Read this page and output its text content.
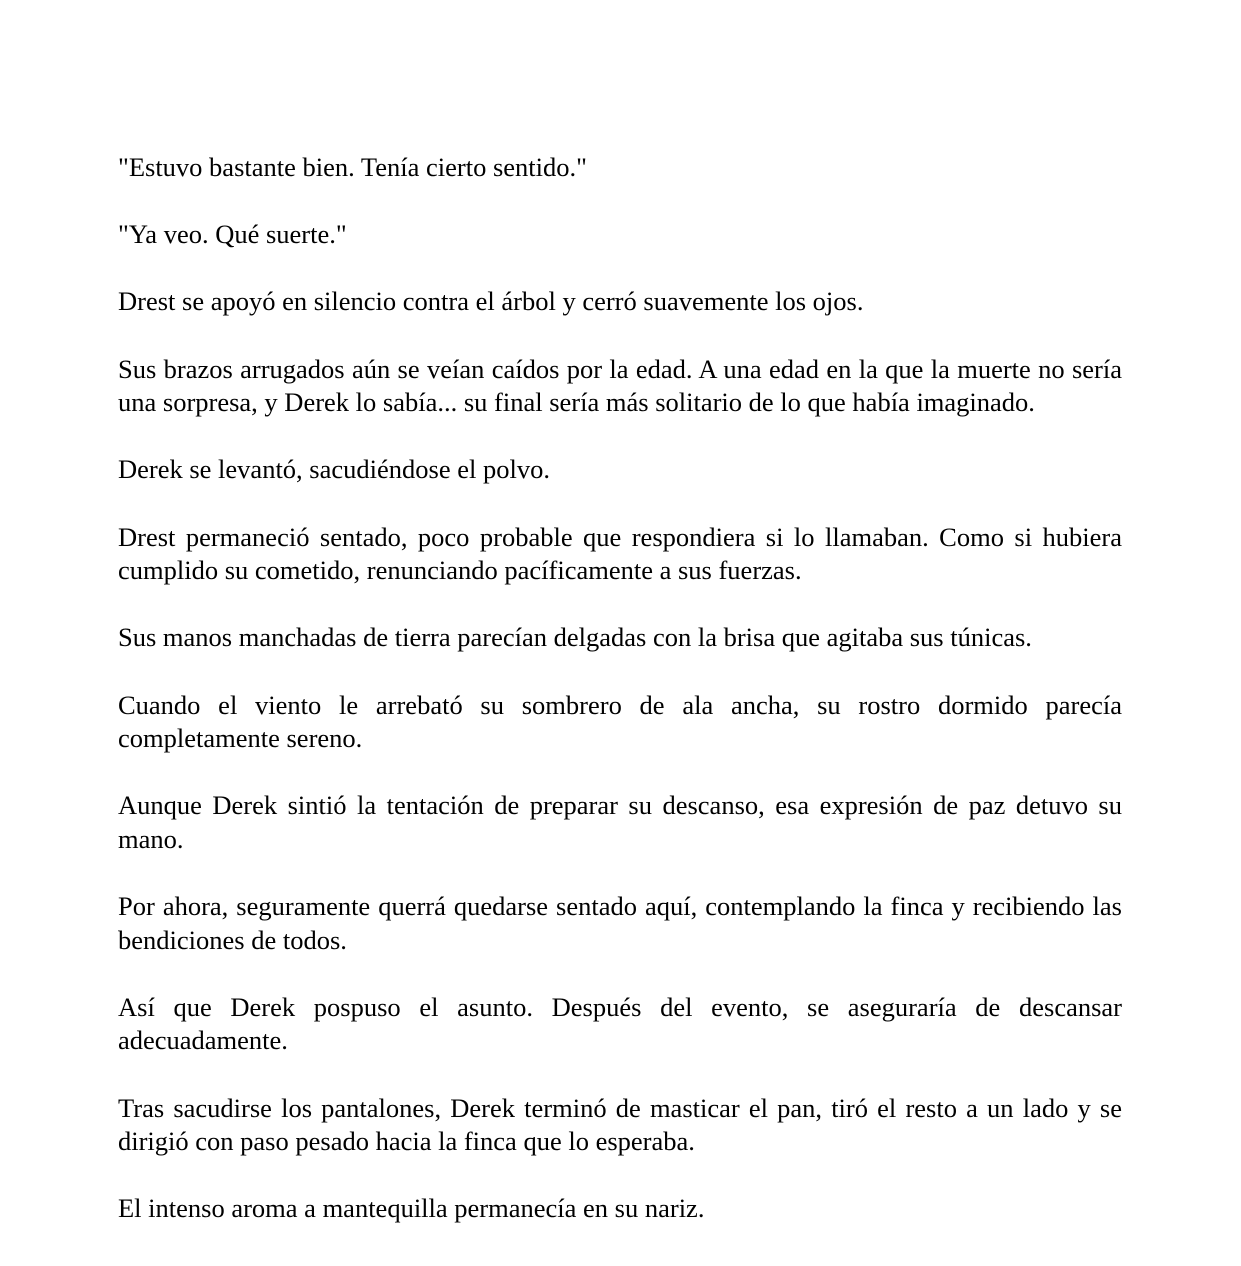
"Estuvo bastante bien. Tenía cierto sentido."

"Ya veo. Qué suerte."

Drest se apoyó en silencio contra el árbol y cerró suavemente los ojos.

Sus brazos arrugados aún se veían caídos por la edad. A una edad en la que la muerte no sería una sorpresa, y Derek lo sabía... su final sería más solitario de lo que había imaginado.

Derek se levantó, sacudiéndose el polvo.

Drest permaneció sentado, poco probable que respondiera si lo llamaban. Como si hubiera cumplido su cometido, renunciando pacíficamente a sus fuerzas.

Sus manos manchadas de tierra parecían delgadas con la brisa que agitaba sus túnicas.

Cuando el viento le arrebató su sombrero de ala ancha, su rostro dormido parecía completamente sereno.

Aunque Derek sintió la tentación de preparar su descanso, esa expresión de paz detuvo su mano.

Por ahora, seguramente querrá quedarse sentado aquí, contemplando la finca y recibiendo las bendiciones de todos.

Así que Derek pospuso el asunto. Después del evento, se aseguraría de descansar adecuadamente.

Tras sacudirse los pantalones, Derek terminó de masticar el pan, tiró el resto a un lado y se dirigió con paso pesado hacia la finca que lo esperaba.

El intenso aroma a mantequilla permanecía en su nariz.
